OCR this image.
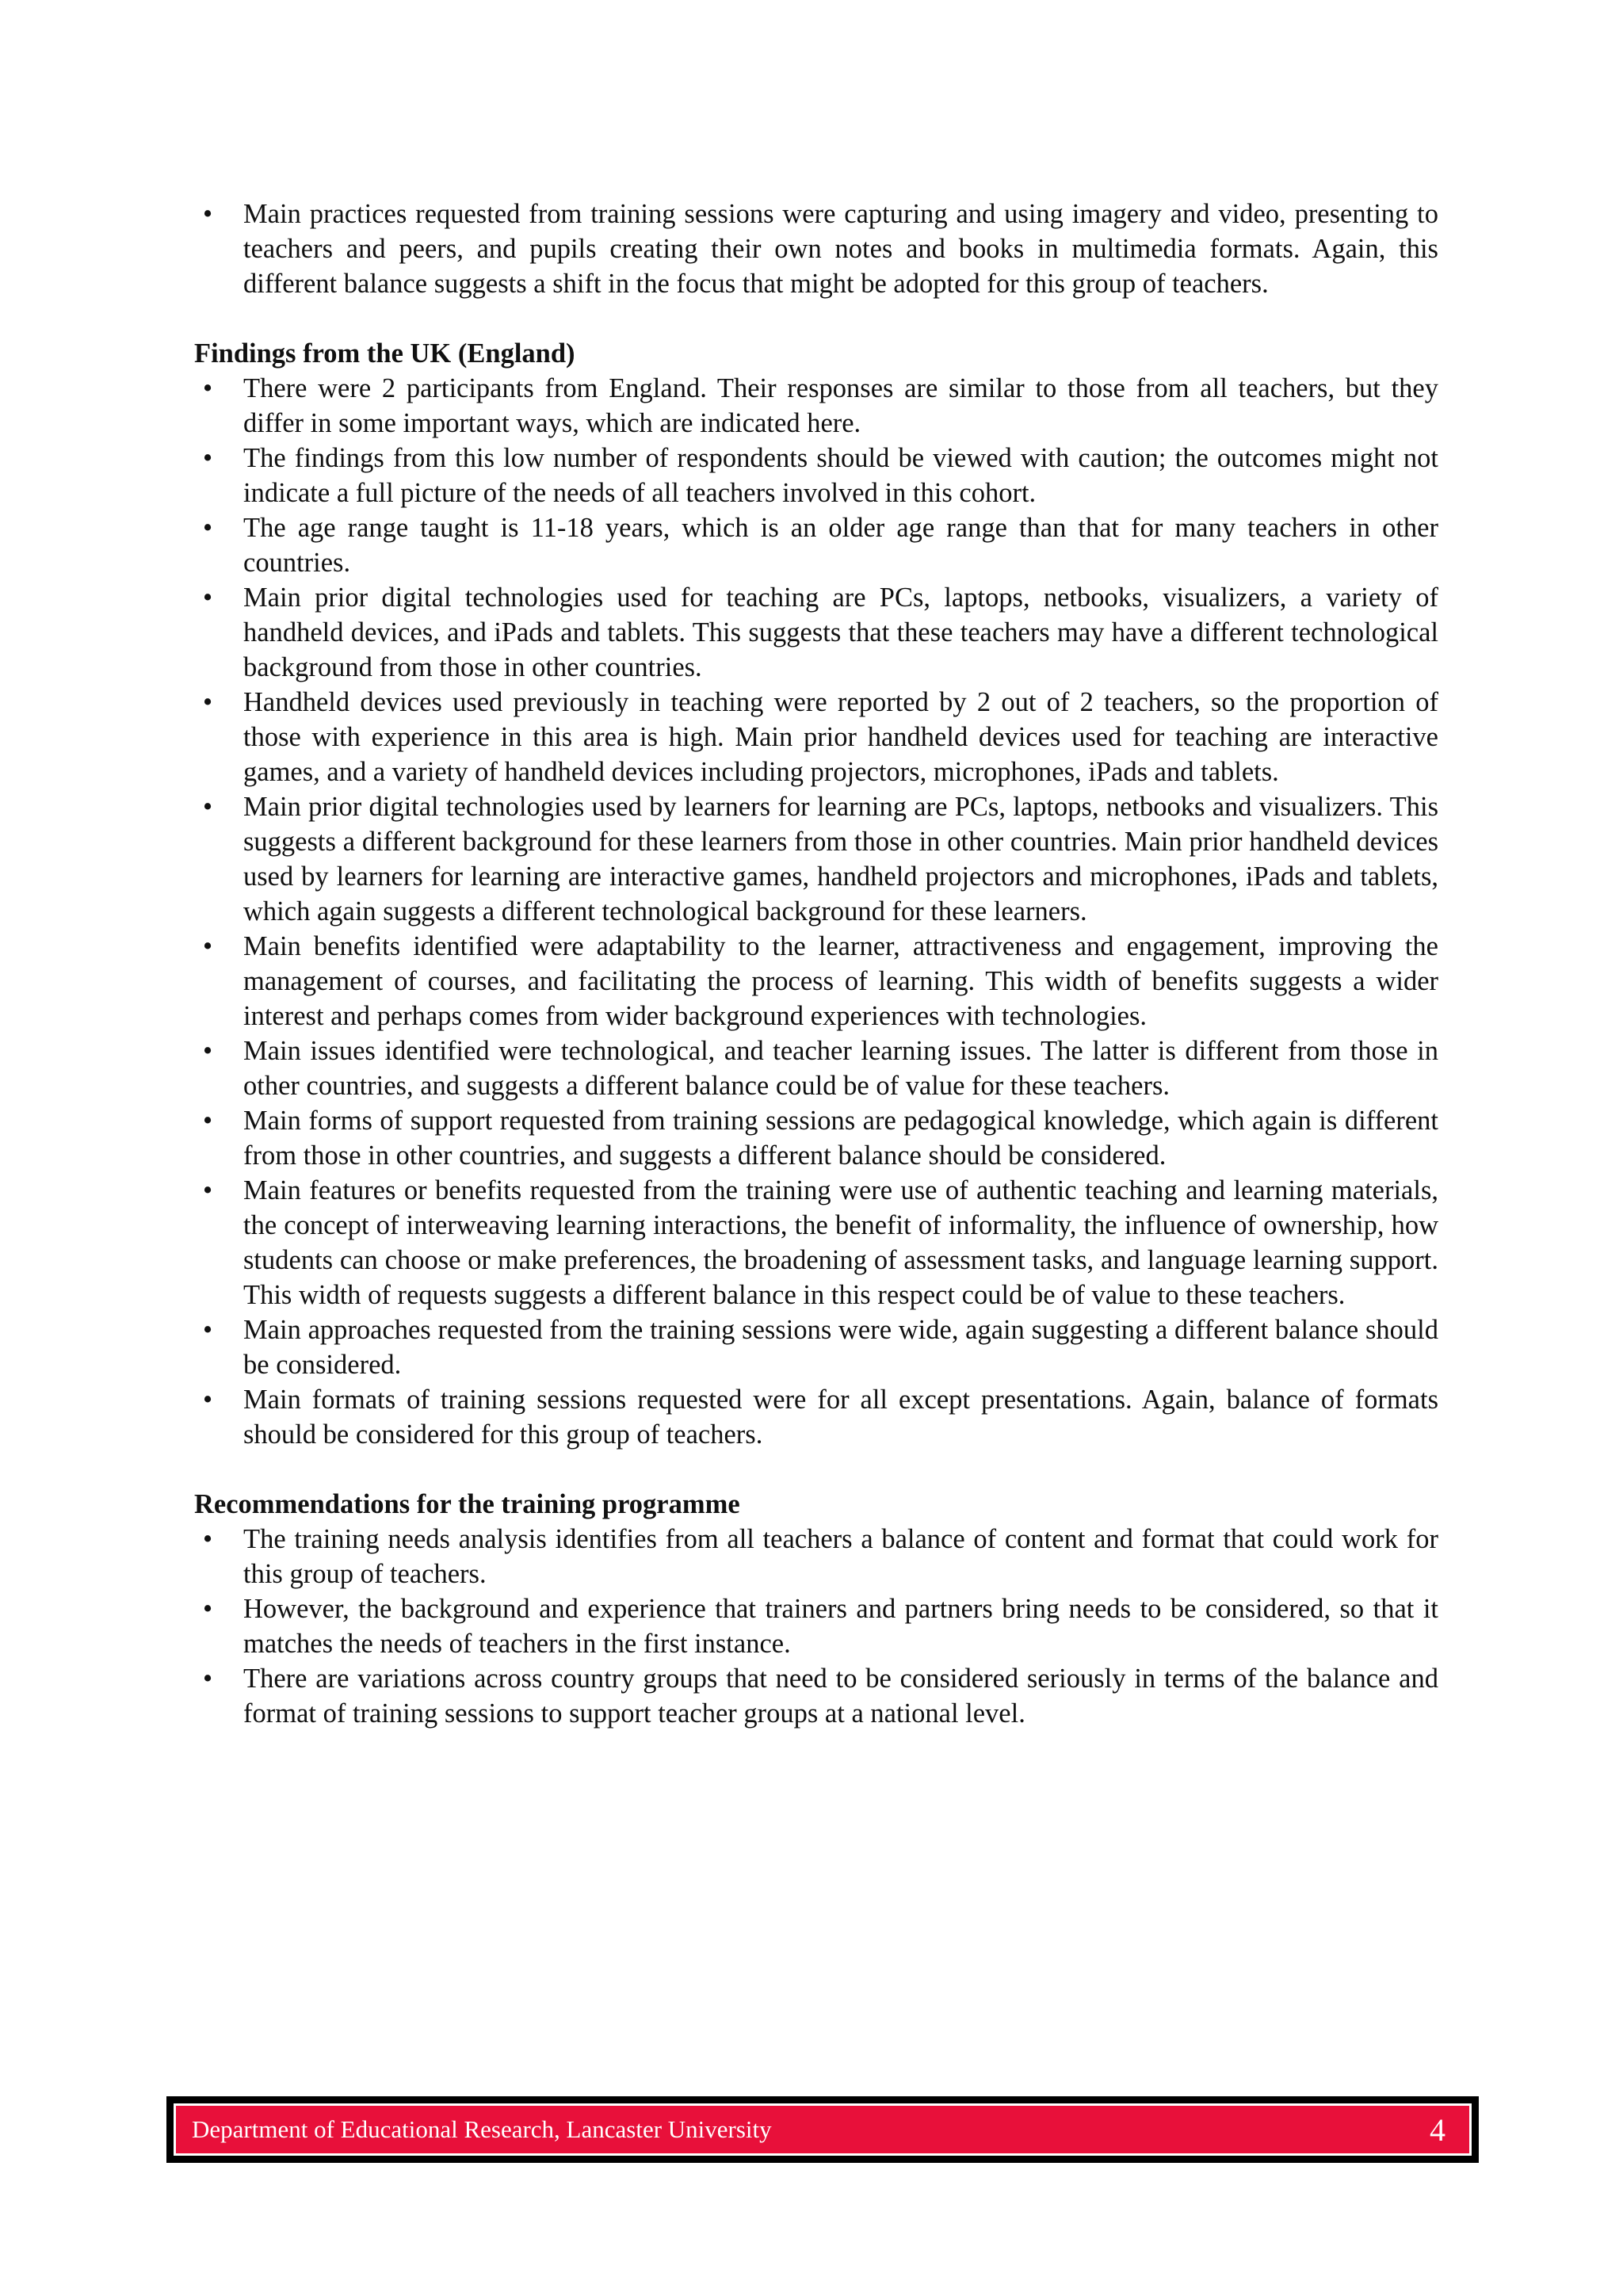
• Main practices requested from training sessions were capturing and using imagery and video, presenting to teachers and peers, and pupils creating their own notes and books in multimedia formats. Again, this different balance suggests a shift in the focus that might be adopted for this group of teachers.
Findings from the UK (England)
• There were 2 participants from England. Their responses are similar to those from all teachers, but they differ in some important ways, which are indicated here.
• The findings from this low number of respondents should be viewed with caution; the outcomes might not indicate a full picture of the needs of all teachers involved in this cohort.
• The age range taught is 11-18 years, which is an older age range than that for many teachers in other countries.
• Main prior digital technologies used for teaching are PCs, laptops, netbooks, visualizers, a variety of handheld devices, and iPads and tablets. This suggests that these teachers may have a different technological background from those in other countries.
• Handheld devices used previously in teaching were reported by 2 out of 2 teachers, so the proportion of those with experience in this area is high. Main prior handheld devices used for teaching are interactive games, and a variety of handheld devices including projectors, microphones, iPads and tablets.
• Main prior digital technologies used by learners for learning are PCs, laptops, netbooks and visualizers. This suggests a different background for these learners from those in other countries. Main prior handheld devices used by learners for learning are interactive games, handheld projectors and microphones, iPads and tablets, which again suggests a different technological background for these learners.
• Main benefits identified were adaptability to the learner, attractiveness and engagement, improving the management of courses, and facilitating the process of learning. This width of benefits suggests a wider interest and perhaps comes from wider background experiences with technologies.
• Main issues identified were technological, and teacher learning issues. The latter is different from those in other countries, and suggests a different balance could be of value for these teachers.
• Main forms of support requested from training sessions are pedagogical knowledge, which again is different from those in other countries, and suggests a different balance should be considered.
• Main features or benefits requested from the training were use of authentic teaching and learning materials, the concept of interweaving learning interactions, the benefit of informality, the influence of ownership, how students can choose or make preferences, the broadening of assessment tasks, and language learning support. This width of requests suggests a different balance in this respect could be of value to these teachers.
• Main approaches requested from the training sessions were wide, again suggesting a different balance should be considered.
• Main formats of training sessions requested were for all except presentations. Again, balance of formats should be considered for this group of teachers.
Recommendations for the training programme
• The training needs analysis identifies from all teachers a balance of content and format that could work for this group of teachers.
• However, the background and experience that trainers and partners bring needs to be considered, so that it matches the needs of teachers in the first instance.
• There are variations across country groups that need to be considered seriously in terms of the balance and format of training sessions to support teacher groups at a national level.
Department of Educational Research, Lancaster University	4
